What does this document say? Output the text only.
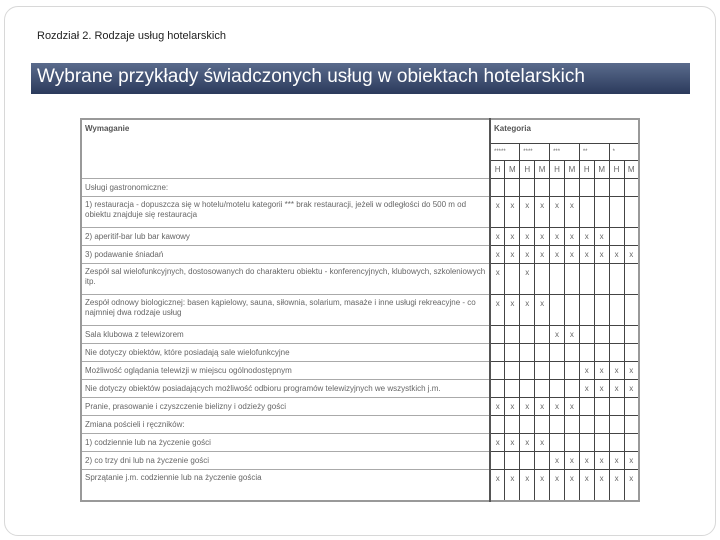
Rozdział 2. Rodzaje usług hotelarskich
Wybrane przykłady świadczonych usług w obiektach hotelarskich
Wymaganie	Kategoria									
	*****		****		***		**		*	
	H	M	H	M	H	M	H	M	H	M
Usługi gastronomiczne:										
1) restauracja - dopuszcza się w hotelu/motelu kategorii *** brak restauracji, jeżeli w odległości do 500 m od obiektu znajduje się restauracja	x	x	x	x	x	x				
2) aperitif-bar lub bar kawowy	x	x	x	x	x	x	x	x		
3) podawanie śniadań	x	x	x	x	x	x	x	x	x	x
Zespół sal wielofunkcyjnych, dostosowanych do charakteru obiektu - konferencyjnych, klubowych, szkoleniowych itp.	x		x							
Zespół odnowy biologicznej: basen kąpielowy, sauna, siłownia, solarium, masaże i inne usługi rekreacyjne - co najmniej dwa rodzaje usług	x	x	x	x						
Sala klubowa z telewizorem					x	x				
Nie dotyczy obiektów, które posiadają sale wielofunkcyjne										
Możliwość oglądania telewizji w miejscu ogólnodostępnym							x	x	x	x
Nie dotyczy obiektów posiadających możliwość odbioru programów telewizyjnych we wszystkich j.m.							x	x	x	x
Pranie, prasowanie i czyszczenie bielizny i odzieży gości	x	x	x	x	x	x				
Zmiana pościeli i ręczników:										
1) codziennie lub na życzenie gości	x	x	x	x						
2) co trzy dni lub na życzenie gości					x	x	x	x	x	x
Sprzątanie j.m. codziennie lub na życzenie gościa	x	x	x	x	x	x	x	x	x	x
